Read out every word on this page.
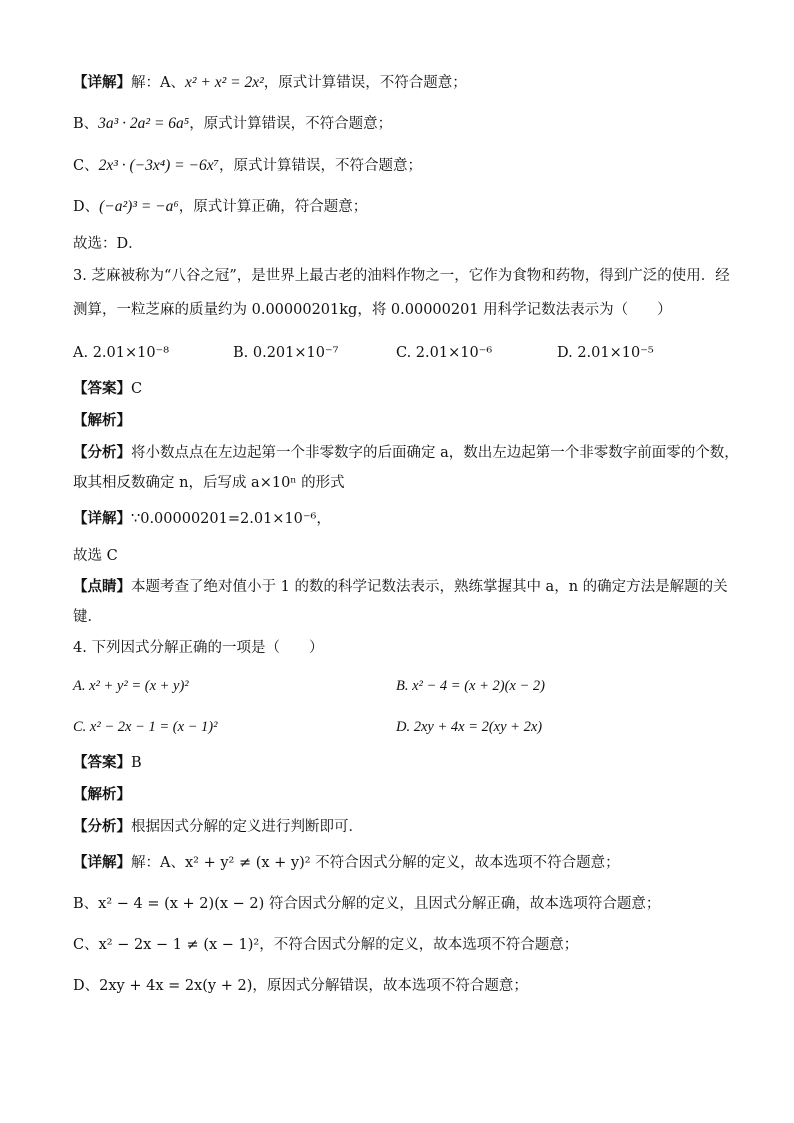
【详解】解：A、x² + x² = 2x²，原式计算错误，不符合题意；
B、3a³ · 2a² = 6a⁵，原式计算错误，不符合题意；
C、2x³ · (−3x⁴) = −6x⁷，原式计算错误，不符合题意；
D、(−a²)³ = −a⁶，原式计算正确，符合题意；
故选：D．
3. 芝麻被称为“八谷之冠”，是世界上最古老的油料作物之一，它作为食物和药物，得到广泛的使用．经
测算，一粒芝麻的质量约为 0.00000201kg，将 0.00000201 用科学记数法表示为（　　）
A. 2.01×10⁻⁸	B. 0.201×10⁻⁷	C. 2.01×10⁻⁶	D. 2.01×10⁻⁵
【答案】C
【解析】
【分析】将小数点点在左边起第一个非零数字的后面确定 a，数出左边起第一个非零数字前面零的个数，
取其相反数确定 n，后写成 a×10ⁿ 的形式
【详解】∵0.00000201=2.01×10⁻⁶，
故选 C
【点睛】本题考查了绝对值小于 1 的数的科学记数法表示，熟练掌握其中 a，n 的确定方法是解题的关
键．
4. 下列因式分解正确的一项是（　　）
A. x² + y² = (x + y)²	B. x² − 4 = (x + 2)(x − 2)
C. x² − 2x − 1 = (x − 1)²	D. 2xy + 4x = 2(xy + 2x)
【答案】B
【解析】
【分析】根据因式分解的定义进行判断即可．
【详解】解：A、x² + y² ≠ (x + y)² 不符合因式分解的定义，故本选项不符合题意；
B、x² − 4 = (x + 2)(x − 2) 符合因式分解的定义，且因式分解正确，故本选项符合题意；
C、x² − 2x − 1 ≠ (x − 1)²，不符合因式分解的定义，故本选项不符合题意；
D、2xy + 4x = 2x(y + 2)，原因式分解错误，故本选项不符合题意；
